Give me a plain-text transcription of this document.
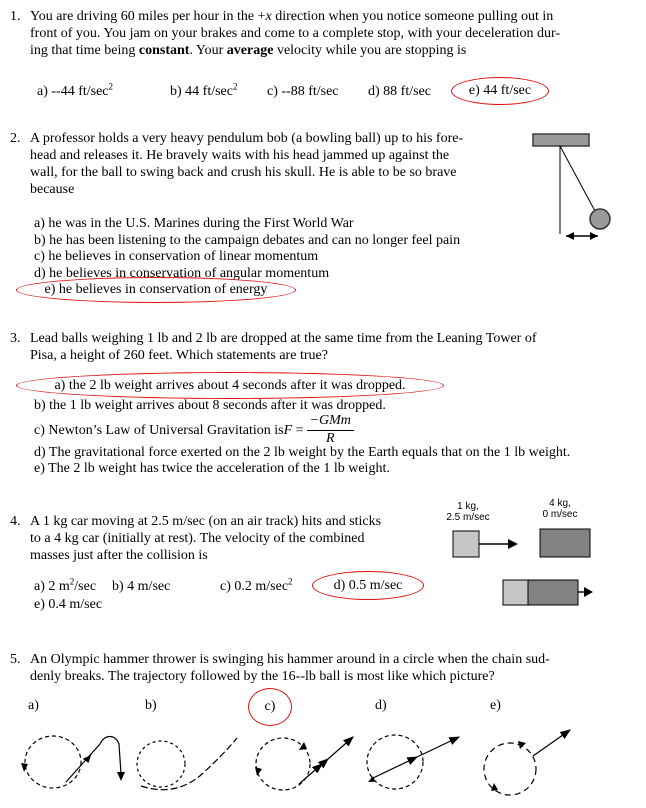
1. You are driving 60 miles per hour in the +x direction when you notice someone pulling out in
front of you. You jam on your brakes and come to a complete stop, with your deceleration dur-
ing that time being constant. Your average velocity while you are stopping is
a) --44 $ft/\sec^2$	b) 44 $ft/\sec^2$ c) --88 ft/sec d) 88 ft/sec	e) 44 ft/sec
2. A professor holds a very heavy pendulum bob (a bowling ball) up to his fore-
head and releases it. He bravely waits with his head jammed up against the
wall, for the ball to swing back and crush his skull. He is able to be so brave
because
a) he was in the U.S. Marines during the First World War
b) he has been listening to the campaign debates and can no longer feel pain
c) he believes in conservation of linear momentum
d) he believes in conservation of angular momentum
e) he believes in conservation of energy
3. Lead balls weighing 1 lb and 2 lb are dropped at the same time from the Leaning Tower of
Pisa, a height of 260 feet. Which statements are true?
a) the 2 lb weight arrives about 4 seconds after it was dropped.
b) the 1 lb weight arrives about 8 seconds after it was dropped.
c) Newton’s Law of Universal Gravitation is F
= $\frac{\text{−GMm}}{R}$
d) The gravitational force exerted on the 2 lb weight by the Earth equals that on the 1 lb weight.
e) The 2 lb weight has twice the acceleration of the 1 lb weight.
4. A 1 kg car moving at 2.5 m/sec (on an air track) hits and sticks
to a 4 kg car (initially at rest). The velocity of the combined
masses just after the collision is
a) 2 $m^2/\sec$ b) 4 m/sec	c) 0.2 $m/\sec^2$	d) 0.5 m/sec
e) 0.4 m/sec
1 kg,
2.5 m/sec
4 kg,
0 m/sec
5. An Olympic hammer thrower is swinging his hammer around in a circle when the chain sud-
denly breaks. The trajectory followed by the 16--lb ball is most like which picture?
a)	b)	c)	d)	e)
